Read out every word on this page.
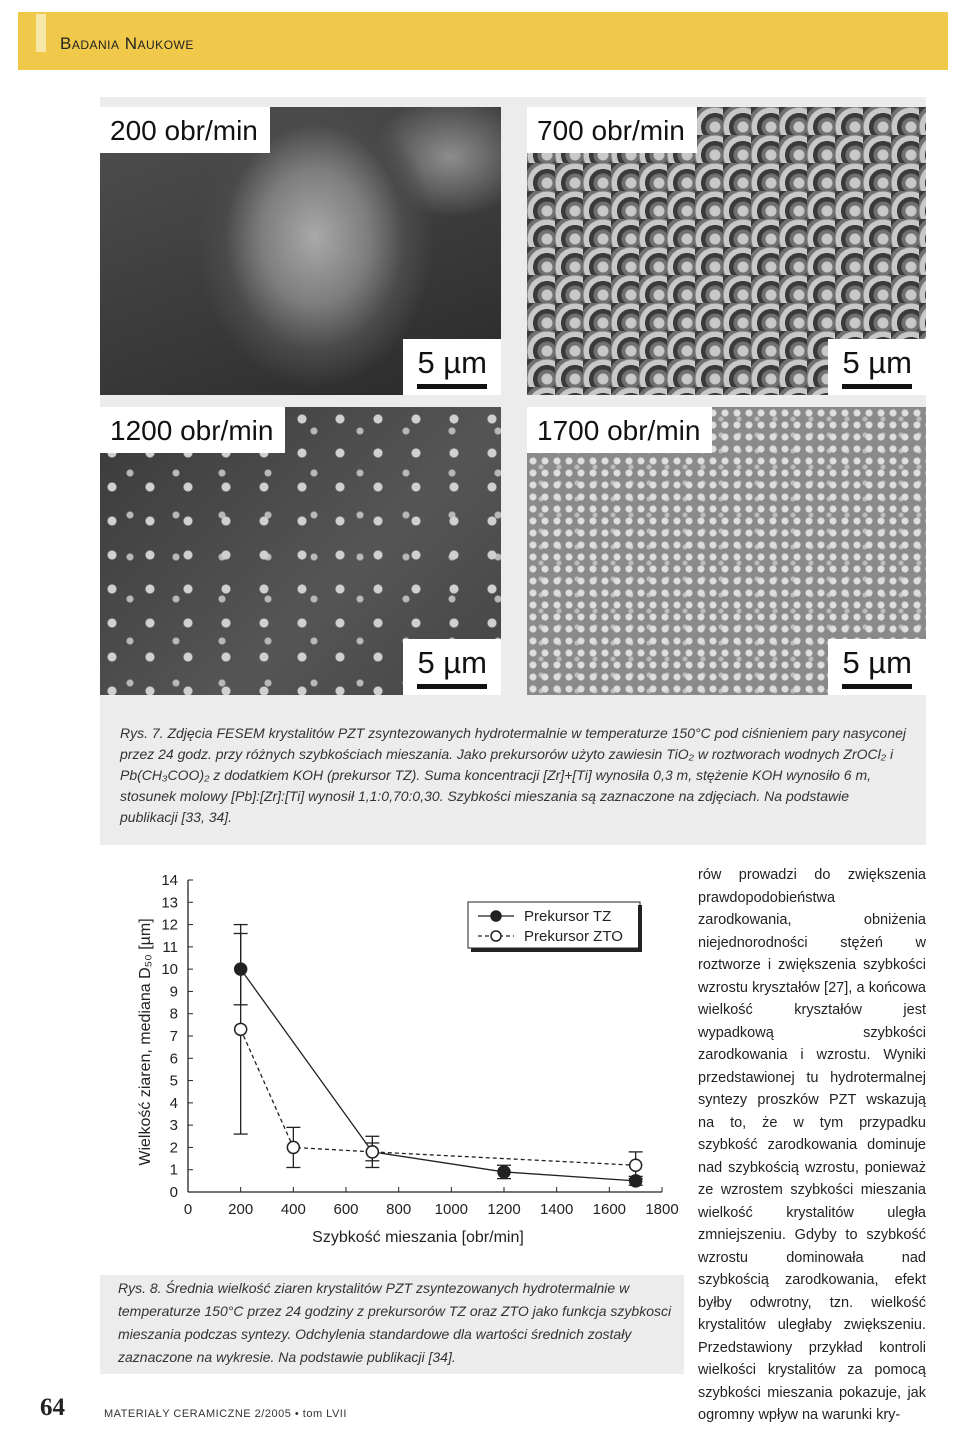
Badania Naukowe
200 obr/min
5 µm
700 obr/min
5 µm
1200 obr/min
5 µm
1700 obr/min
5 µm
Rys. 7. Zdjęcia FESEM krystalitów PZT zsyntezowanych hydrotermalnie w temperaturze 150°C pod ciśnieniem pary nasyconej przez 24 godz. przy różnych szybkościach mieszania. Jako prekursorów użyto zawiesin TiO₂ w roztworach wodnych ZrOCl₂ i Pb(CH₃COO)₂ z dodatkiem KOH (prekursor TZ). Suma koncentracji [Zr]+[Ti] wynosiła 0,3 m, stężenie KOH wynosiło 6 m, stosunek molowy [Pb]:[Zr]:[Ti] wynosił 1,1:0,70:0,30. Szybkości mieszania są zaznaczone na zdjęciach. Na podstawie publikacji [33, 34].
0 200 400 600 800 1000 1200 1400 1600 1800
0
1
2
3
4
5
6
7
8
9
10
11
12
13
14
Prekursor TZ
Prekursor ZTO
Szybkość mieszania [obr/min]
Wielkość ziaren, mediana D₅₀ [µm]
Rys. 8. Średnia wielkość ziaren krystalitów PZT zsyntezowanych hydrotermalnie w temperaturze 150°C przez 24 godziny z prekursorów TZ oraz ZTO jako funkcja szybkosci mieszania podczas syntezy. Odchylenia standardowe dla wartości średnich zostały zaznaczone na wykresie. Na podstawie publikacji [34].
rów prowadzi do zwiększenia prawdopodobieństwa zarodkowania, obniżenia niejednorodności stężeń w roztworze i zwiększenia szybkości wzrostu kryształów [27], a końcowa wielkość kryształów jest wypadkową szybkości zarodkowania i wzrostu. Wyniki przedstawionej tu hydrotermalnej syntezy proszków PZT wskazują na to, że w tym przypadku szybkość zarodkowania dominuje nad szybkością wzrostu, ponieważ ze wzrostem szybkości mieszania wielkość krystalitów uległa zmniejszeniu. Gdyby to szybkość wzrostu dominowała nad szybkością zarodkowania, efekt byłby odwrotny, tzn. wielkość krystalitów uległaby zwiększeniu. Przedstawiony przykład kontroli wielkości krystalitów za pomocą szybkości mieszania pokazuje, jak ogromny wpływ na warunki kry-
64	MATERIAŁY CERAMICZNE 2/2005 • tom LVII
